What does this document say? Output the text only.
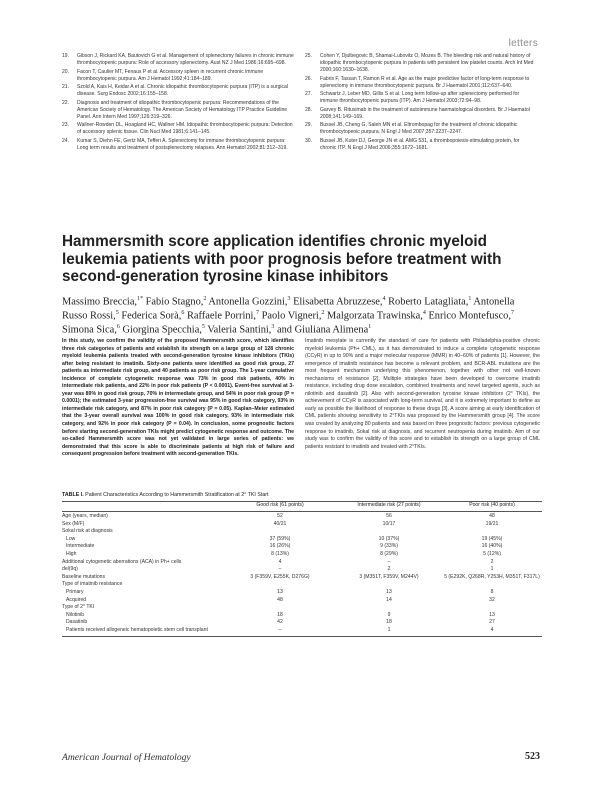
letters
19. Gibson J, Rickard KA, Bautovich G et al. Management of splenectomy failures in chronic immune thrombocytopenic purpura: Role of accessory splenectomy. Aust NZ J Med 1986;16:695–698.
20. Facon T, Caulier MT, Fenaux P et al. Accessory spleen in recurrent chronic immune thrombocytopenic purpura. Am J Hematol 1992;41:184–189.
21. Szold A, Kais H, Keidar A et al. Chronic idiopathic thrombocytopenic purpura (ITP) is a surgical disease. Surg Endosc 2002;16:155–158.
22. Diagnosis and treatment of idiopathic thrombocytopenic purpura: Recommendations of the American Society of Hematology. The American Society of Hematology ITP Practice Guideline Panel. Ann Intern Med 1997;126:319–326.
23. Wallner-Rowden DL, Hoagland HC, Wallner HM. Idiopathic thrombocytopenic purpura: Detection of accessory splenic tissue. Clin Nucl Med 1981;6:141–145.
24. Kumar S, Diehn FE, Gertz MA, Tefferi A. Splenectomy for immune thrombocytopenic purpura: Long term results and treatment of postsplenectomy relapses. Ann Hematol 2002;81:312–319.
25. Cohen Y, Djulbegovic B, Shamai-Lubovitz O, Mozes B. The bleeding risk and natural history of idiopathic thrombocytopenic purpura in patients with persistent low platelet counts. Arch Int Med 2000;160:1630–1638.
26. Fabris F, Tassan T, Ramon R et al. Age as the major predictive factor of long-term response to splenectomy in immune thrombocytopenic purpura. Br J Haematol 2001;112:637–640.
27. Schwartz J, Leber MD, Gillis S et al. Long term follow-up after splenectomy performed for immune thrombocytopenic purpura (ITP). Am J Hematol 2003;72:94–98.
28. Garvey B. Rituximab in the treatment of autoimmune haematological disorders. Br J Haematol 2008;141:149–169.
29. Bussel JB, Cheng G, Saleh MN et al. Eltrombopag for the treatment of chronic idiopathic thrombocytopenic purpura. N Engl J Med 2007;357:2237–2247.
30. Bussel JB, Kuter DJ, George JN et al. AMG 531, a thrombopoiesis-stimulating protein, for chronic ITP. N Engl J Med 2006;355:1672–1681.
Hammersmith score application identifies chronic myeloid leukemia patients with poor prognosis before treatment with second-generation tyrosine kinase inhibitors
Massimo Breccia,$^{1*}$ Fabio Stagno,$^2$ Antonella Gozzini,$^3$ Elisabetta Abruzzese,$^4$ Roberto Latagliata,$^1$ Antonella Russo Rossi,$^5$ Federica Sorà,$^6$ Raffaele Porrini,$^7$ Paolo Vigneri,$^2$ Malgorzata Trawinska,$^4$ Enrico Montefusco,$^7$ Simona Sica,$^6$ Giorgina Specchia,$^5$ Valeria Santini,$^3$ and Giuliana Alimena$^1$
In this study, we confirm the validity of the proposed Hammersmith score, which identifies three risk categories of patients and establish its strength on a large group of 128 chronic myeloid leukemia patients treated with second-generation tyrosine kinase inhibitors (TKIs) after being resistant to imatinib. Sixty-one patients were identified as good risk group, 27 patients as intermediate risk group, and 40 patients as poor risk group. The 1-year cumulative incidence of complete cytogenetic response was 73% in good risk patients, 40% in intermediate risk patients, and 22% in poor risk patients (P < 0.0001). Event-free survival at 3-year was 89% in good risk group, 70% in intermediate group, and 54% in poor risk group (P = 0.0001); the estimated 3-year progression-free survival was 95% in good risk category, 93% in intermediate risk category, and 87% in poor risk category (P = 0.05). Kaplan–Meier estimated that the 3-year overall survival was 100% in good risk category, 93% in intermediate risk category, and 92% in poor risk category (P = 0.04). In conclusion, some prognostic factors before starting second-generation TKIs might predict cytogenetic response and outcome. The so-called Hammersmith score was not yet validated in large series of patients: we demonstrated that this score is able to discriminate patients at high risk of failure and consequent progression before treatment with second-generation TKIs.
Imatinib mesylate is currently the standard of care for patients with Philadelphia-positive chronic myeloid leukemia (Ph+ CML), as it has demonstrated to induce a complete cytogenetic response (CCyR) in up to 90% and a major molecular response (MMR) in 40–60% of patients [1]. However, the emergence of imatinib resistance has become a relevant problem, and BCR-ABL mutations are the most frequent mechanism underlying this phenomenon, together with other not well-known mechanisms of resistance [2]. Multiple strategies have been developed to overcome imatinib resistance, including drug dose escalation, combined treatments and novel targeted agents, such as nilotinib and dasatinib [2]. Also with second-generation tyrosine kinase inhibitors (2° TKIs), the achievement of CCyR is associated with long-term survival, and it is extremely important to define as early as possible the likelihood of response to these drugs [3]. A score aiming at early identification of CML patients showing sensitivity to 2°TKIs was proposed by the Hammersmith group [4]. The score was created by analyzing 80 patients and was based on three prognostic factors: previous cytogenetic response to imatinib, Sokal risk at diagnosis, and recurrent neutropenia during imatinib. Aim of our study was to confirm the validity of this score and to establish its strength on a large group of CML patients resistant to imatinib and treated with 2°TKIs.
TABLE I. Patient Characteristics According to Hammersmith Stratification at 2° TKI Start
Good risk (61 points)	Intermediate risk (27 points)	Poor risk (40 points)
Age (years, median)	52	56	48
Sex (M/F)	40/21	10/17	19/21
Sokal risk at diagnosis
Low	37 (59%)	10 (37%)	19 (45%)
Intermediate	16 (26%)	9 (33%)	16 (40%)
High	8 (13%)	8 (29%)	5 (12%)
Additional cytogenetic aberrations (ACA) in Ph+ cells	4	–	2
del(9q)	–	2	1
Baseline mutations	3 (F359V, E255K, D276G)	3 (M351T, F359V, M244V)	5 (E292K, Q268R, Y253H, M351T, F317L)
Type of imatinib resistance
Primary	13	13	8
Acquired	48	14	32
Type of 2° TKI
Nilotinib	18	9	13
Dasatinib	42	18	27
Patients received allogeneic hematopoietic stem cell transplant	–	1	4
American Journal of Hematology	523
